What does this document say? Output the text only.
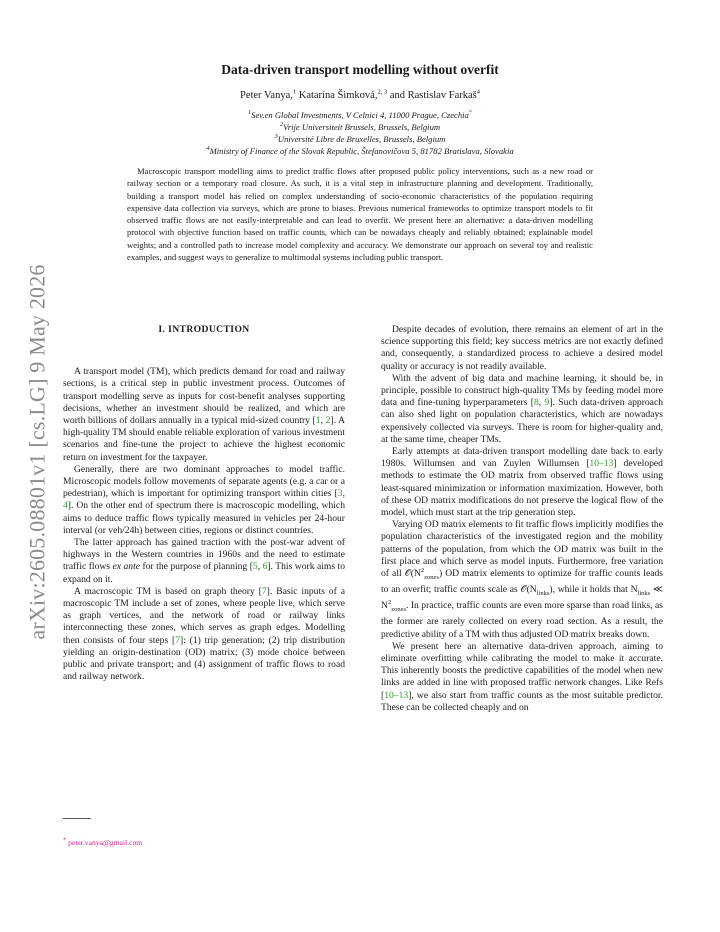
arXiv:2605.08801v1 [cs.LG] 9 May 2026
Data-driven transport modelling without overfit
Peter Vanya,$^1$ Katarína Šimková,$^{2, 3}$ and Rastislav Farkaš$^4$
$^1$Sev.en Global Investments, V Celnici 4, 11000 Prague, Czechia*
$^2$Vrije Universiteit Brussels, Brussels, Belgium
$^3$Université Libre de Bruxelles, Brussels, Belgium
$^4$Ministry of Finance of the Slovak Republic, Štefanovičova 5, 81782 Bratislava, Slovakia
Macroscopic transport modelling aims to predict traffic flows after proposed public policy interventions, such as a new road or railway section or a temporary road closure. As such, it is a vital step in infrastructure planning and development. Traditionally, building a transport model has relied on complex understanding of socio-economic characteristics of the population requiring expensive data collection via surveys, which are prone to biases. Previous numerical frameworks to optimize transport models to fit observed traffic flows are not easily-interpretable and can lead to overfit. We present here an alternative: a data-driven modelling protocol with objective function based on traffic counts, which can be nowadays cheaply and reliably obtained; explainable model weights; and a controlled path to increase model complexity and accuracy. We demonstrate our approach on several toy and realistic examples, and suggest ways to generalize to multimodal systems including public transport.
I. INTRODUCTION

A transport model (TM), which predicts demand for road and railway sections, is a critical step in public investment process. Outcomes of transport modelling serve as inputs for cost-benefit analyses supporting decisions, whether an investment should be realized, and which are worth billions of dollars annually in a typical mid-sized country [1, 2]. A high-quality TM should enable reliable exploration of various investment scenarios and fine-tune the project to achieve the highest economic return on investment for the taxpayer.

Generally, there are two dominant approaches to model traffic. Microscopic models follow movements of separate agents (e.g. a car or a pedestrian), which is important for optimizing transport within cities [3, 4]. On the other end of spectrum there is macroscopic modelling, which aims to deduce traffic flows typically measured in vehicles per 24-hour interval (or veh/24h) between cities, regions or distinct countries.

The latter approach has gained traction with the post-war advent of highways in the Western countries in 1960s and the need to estimate traffic flows ex ante for the purpose of planning [5, 6]. This work aims to expand on it.

A macroscopic TM is based on graph theory [7]. Basic inputs of a macroscopic TM include a set of zones, where people live, which serve as graph vertices, and the network of road or railway links interconnecting these zones, which serves as graph edges. Modelling then consists of four steps [7]: (1) trip generation; (2) trip distribution yielding an origin-destination (OD) matrix; (3) mode choice between public and private transport; and (4) assignment of traffic flows to road and railway network.

Despite decades of evolution, there remains an element of art in the science supporting this field; key success metrics are not exactly defined and, consequently, a standardized process to achieve a desired model quality or accuracy is not readily available.

With the advent of big data and machine learning, it should be, in principle, possible to construct high-quality TMs by feeding model more data and fine-tuning hyperparameters [8, 9]. Such data-driven approach can also shed light on population characteristics, which are nowadays expensively collected via surveys. There is room for higher-quality and, at the same time, cheaper TMs.

Early attempts at data-driven transport modelling date back to early 1980s. Willumsen and van Zuylen Willumsen [10–13] developed methods to estimate the OD matrix from observed traffic flows using least-squared minimization or information maximization. However, both of these OD matrix modifications do not preserve the logical flow of the model, which must start at the trip generation step.

Varying OD matrix elements to fit traffic flows implicitly modifies the population characteristics of the investigated region and the mobility patterns of the population, from which the OD matrix was built in the first place and which serve as model inputs. Furthermore, free variation of all $𝒪(N^2_{zones})$ OD matrix elements to optimize for traffic counts leads to an overfit; traffic counts scale as $𝒪(N_{links})$, while it holds that $N_{links}$ ≪ $N^2_{zones}$. In practice, traffic counts are even more sparse than road links, as the former are rarely collected on every road section. As a result, the predictive ability of a TM with thus adjusted OD matrix breaks down.

We present here an alternative data-driven approach, aiming to eliminate overfitting while calibrating the model to make it accurate. This inherently boosts the predictive capabilities of the model when new links are added in line with proposed traffic network changes. Like Refs [10–13], we also start from traffic counts as the most suitable predictor. These can be collected cheaply and on

* peter.vanya@gmail.com
